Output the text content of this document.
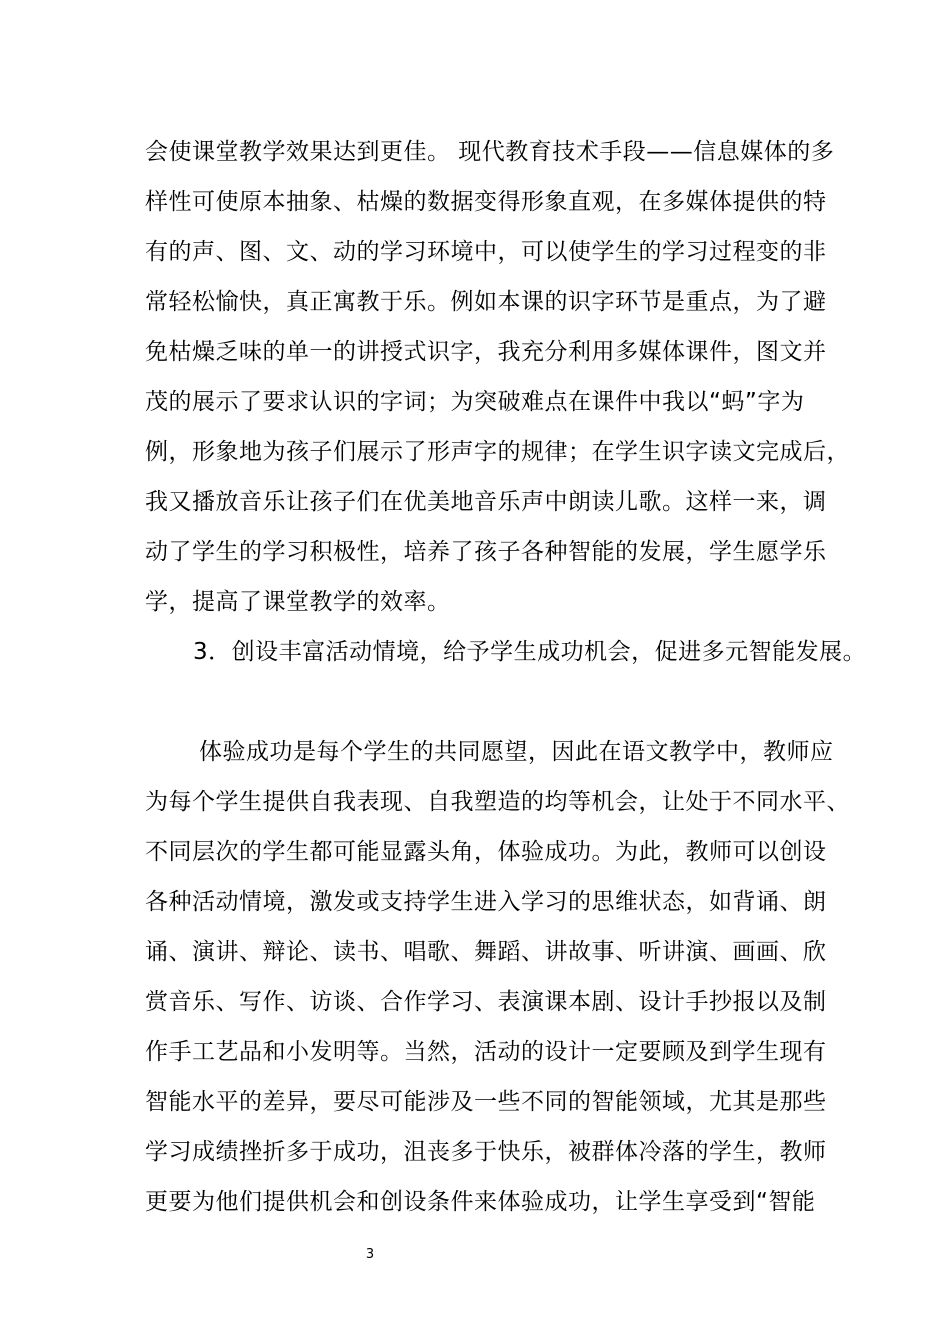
会使课堂教学效果达到更佳。 现代教育技术手段——信息媒体的多
样性可使原本抽象、枯燥的数据变得形象直观，在多媒体提供的特
有的声、图、文、动的学习环境中，可以使学生的学习过程变的非
常轻松愉快，真正寓教于乐。例如本课的识字环节是重点，为了避
免枯燥乏味的单一的讲授式识字，我充分利用多媒体课件，图文并
茂的展示了要求认识的字词；为突破难点在课件中我以“蚂”字为
例，形象地为孩子们展示了形声字的规律；在学生识字读文完成后，
我又播放音乐让孩子们在优美地音乐声中朗读儿歌。这样一来，调
动了学生的学习积极性，培养了孩子各种智能的发展，学生愿学乐
学，提高了课堂教学的效率。
3．创设丰富活动情境，给予学生成功机会，促进多元智能发展。
体验成功是每个学生的共同愿望，因此在语文教学中，教师应
为每个学生提供自我表现、自我塑造的均等机会，让处于不同水平、
不同层次的学生都可能显露头角，体验成功。为此，教师可以创设
各种活动情境，激发或支持学生进入学习的思维状态，如背诵、朗
诵、演讲、辩论、读书、唱歌、舞蹈、讲故事、听讲演、画画、欣
赏音乐、写作、访谈、合作学习、表演课本剧、设计手抄报以及制
作手工艺品和小发明等。当然，活动的设计一定要顾及到学生现有
智能水平的差异，要尽可能涉及一些不同的智能领域，尤其是那些
学习成绩挫折多于成功，沮丧多于快乐，被群体冷落的学生，教师
更要为他们提供机会和创设条件来体验成功，让学生享受到“智能
3
